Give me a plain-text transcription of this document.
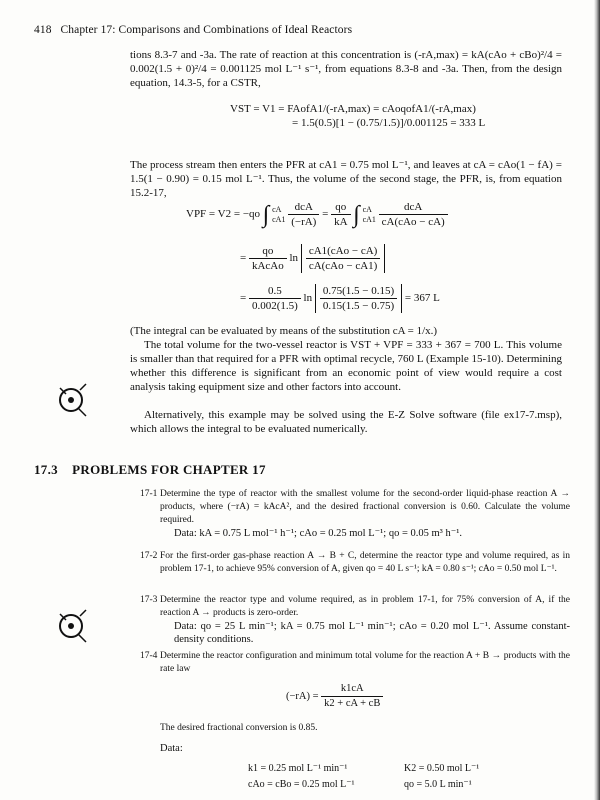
418 Chapter 17: Comparisons and Combinations of Ideal Reactors

tions 8.3-7 and -3a. The rate of reaction at this concentration is (-rA,max) = kA(cAo + cBo)²/4 = 0.002(1.5 + 0)²/4 = 0.001125 mol L⁻¹ s⁻¹, from equations 8.3-8 and -3a. Then, from the design equation, 14.3-5, for a CSTR,

VST = V1 = FAofA1/(-rA,max) = cAoqofA1/(-rA,max)
= 1.5(0.5)[1 − (0.75/1.5)]/0.001125 = 333 L

The process stream then enters the PFR at cA1 = 0.75 mol L⁻¹, and leaves at cA = cAo(1 − fA) = 1.5(1 − 0.90) = 0.15 mol L⁻¹. Thus, the volume of the second stage, the PFR, is, from equation 15.2-17,

VPF = V2 = −qo ∫ cA
cA1
$\frac{\text{dcA}}{(-rA)} = \frac{qo}{kA}$ ∫ cA
cA1
$\frac{\text{dcA}}{\text{cA(cAo − cA)}}$
= $\frac{qo}{\text{kAcAo}}$ $\ln \frac{\text{cA1(cAo − cA)}}{\text{cA(cAo − cA1)}}$
= $\frac{0.5}{0.002(1.5)}$ $\ln \frac{0.75(1.5 - 0.15)}{0.15(1.5 - 0.75)} = 367$ L

(The integral can be evaluated by means of the substitution cA = 1/x.)

The total volume for the two-vessel reactor is VST + VPF = 333 + 367 = 700 L. This volume is smaller than that required for a PFR with optimal recycle, 760 L (Example 15-10). Determining whether this difference is significant from an economic point of view would require a cost analysis taking equipment size and other factors into account.

Alternatively, this example may be solved using the E-Z Solve software (file ex17-7.msp), which allows the integral to be evaluated numerically.

17.3 PROBLEMS FOR CHAPTER 17
17-1 Determine the type of reactor with the smallest volume for the second-order liquid-phase reaction A → products, where (−rA) = kAcA², and the desired fractional conversion is 0.60. Calculate the volume required.
Data: kA = 0.75 L mol⁻¹ h⁻¹; cAo = 0.25 mol L⁻¹; qo = 0.05 m³ h⁻¹.
17-2 For the first-order gas-phase reaction A → B + C, determine the reactor type and volume required, as in problem 17-1, to achieve 95% conversion of A, given qo = 40 L s⁻¹; kA = 0.80 s⁻¹; cAo = 0.50 mol L⁻¹.
17-3 Determine the reactor type and volume required, as in problem 17-1, for 75% conversion of A, if the reaction A → products is zero-order.
Data: qo = 25 L min⁻¹; kA = 0.75 mol L⁻¹ min⁻¹; cAo = 0.20 mol L⁻¹. Assume constant-density conditions.
17-4 Determine the reactor configuration and minimum total volume for the reaction A + B → products with the rate law
$(-rA) = \frac{k1cA}{k2 + cA + cB}$
The desired fractional conversion is 0.85.
Data:
k1 = 0.25 mol L⁻¹ min⁻¹	K2 = 0.50 mol L⁻¹
cAo = cBo = 0.25 mol L⁻¹	qo = 5.0 L min⁻¹
